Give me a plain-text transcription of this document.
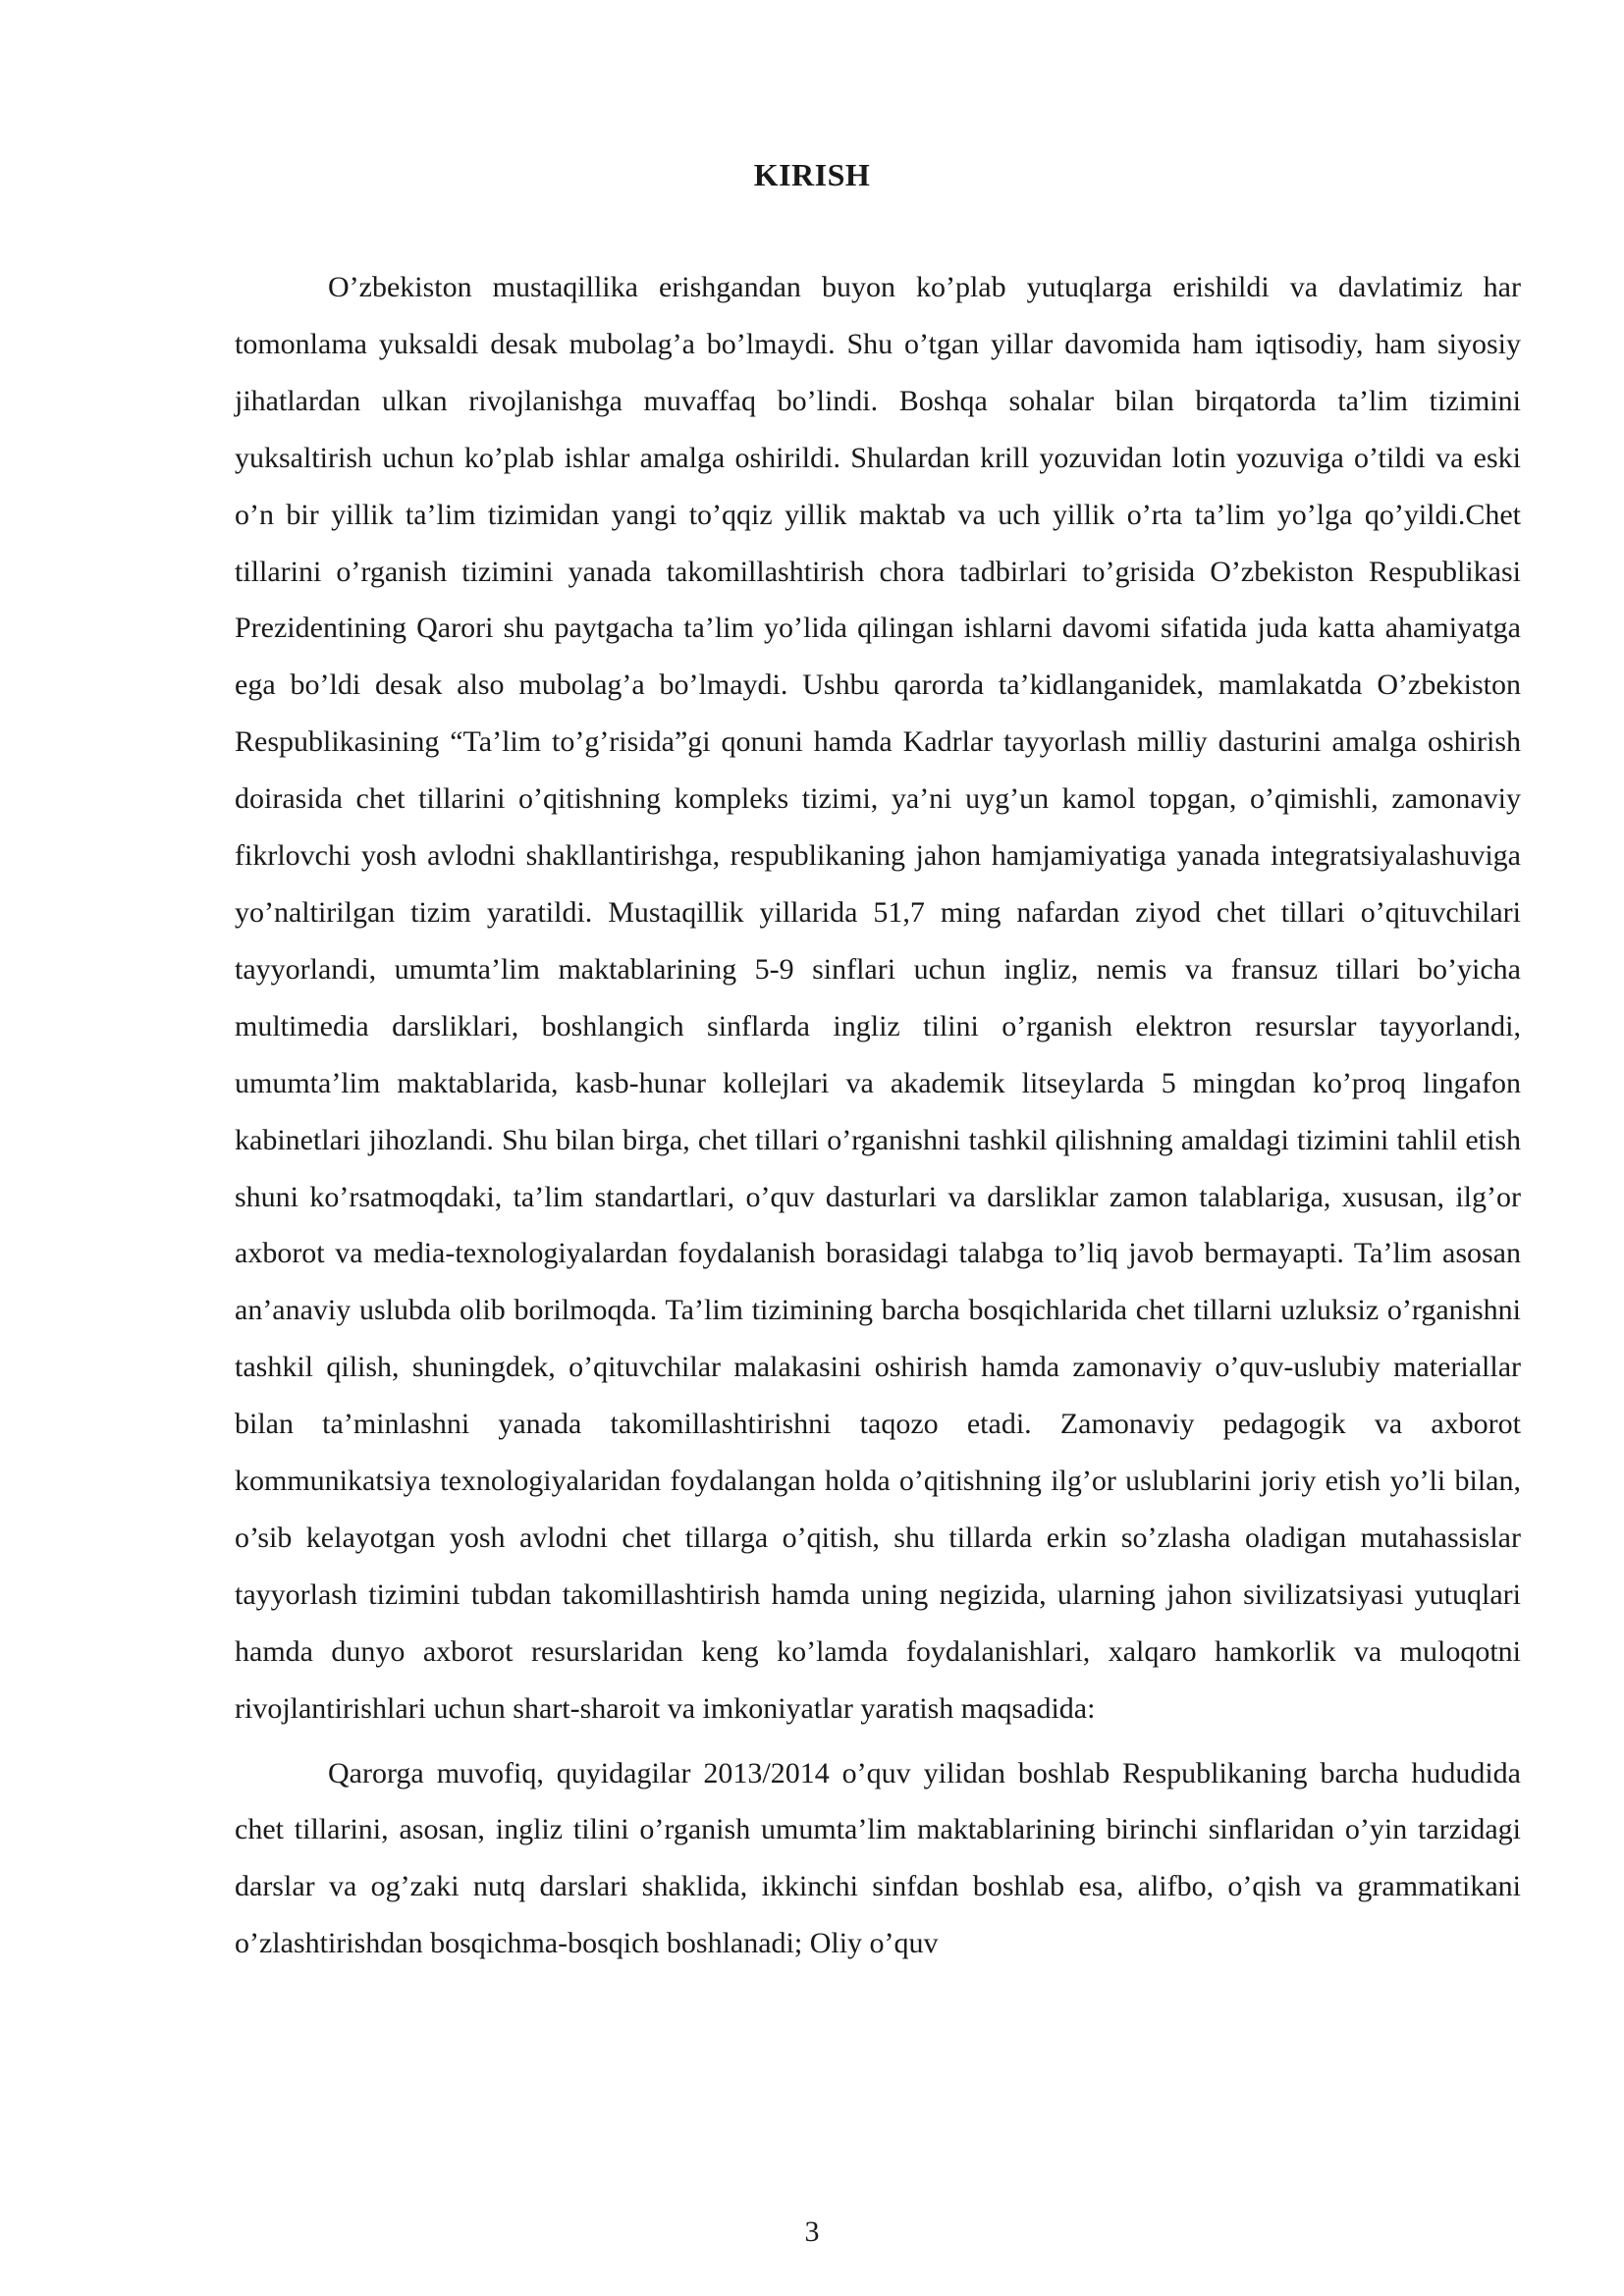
KIRISH

O’zbekiston mustaqillika erishgandan buyon ko’plab yutuqlarga erishildi va davlatimiz har tomonlama yuksaldi desak mubolag’a bo’lmaydi. Shu o’tgan yillar davomida ham iqtisodiy, ham siyosiy jihatlardan ulkan rivojlanishga muvaffaq bo’lindi. Boshqa sohalar bilan birqatorda ta’lim tizimini yuksaltirish uchun ko’plab ishlar amalga oshirildi. Shulardan krill yozuvidan lotin yozuviga o’tildi va eski o’n bir yillik ta’lim tizimidan yangi to’qqiz yillik maktab va uch yillik o’rta ta’lim yo’lga qo’yildi.Chet tillarini o’rganish tizimini yanada takomillashtirish chora tadbirlari to’grisida O’zbekiston Respublikasi Prezidentining Qarori shu paytgacha ta’lim yo’lida qilingan ishlarni davomi sifatida juda katta ahamiyatga ega bo’ldi desak also mubolag’a bo’lmaydi. Ushbu qarorda ta’kidlanganidek, mamlakatda O’zbekiston Respublikasining “Ta’lim to’g’risida”gi qonuni hamda Kadrlar tayyorlash milliy dasturini amalga oshirish doirasida chet tillarini o’qitishning kompleks tizimi, ya’ni uyg’un kamol topgan, o’qimishli, zamonaviy fikrlovchi yosh avlodni shakllantirishga, respublikaning jahon hamjamiyatiga yanada integratsiyalashuviga yo’naltirilgan tizim yaratildi. Mustaqillik yillarida 51,7 ming nafardan ziyod chet tillari o’qituvchilari tayyorlandi, umumta’lim maktablarining 5-9 sinflari uchun ingliz, nemis va fransuz tillari bo’yicha multimedia darsliklari, boshlangich sinflarda ingliz tilini o’rganish elektron resurslar tayyorlandi, umumta’lim maktablarida, kasb-hunar kollejlari va akademik litseylarda 5 mingdan ko’proq lingafon kabinetlari jihozlandi. Shu bilan birga, chet tillari o’rganishni tashkil qilishning amaldagi tizimini tahlil etish shuni ko’rsatmoqdaki, ta’lim standartlari, o’quv dasturlari va darsliklar zamon talablariga, xususan, ilg’or axborot va media-texnologiyalardan foydalanish borasidagi talabga to’liq javob bermayapti. Ta’lim asosan an’anaviy uslubda olib borilmoqda. Ta’lim tizimining barcha bosqichlarida chet tillarni uzluksiz o’rganishni tashkil qilish, shuningdek, o’qituvchilar malakasini oshirish hamda zamonaviy o’quv-uslubiy materiallar bilan ta’minlashni yanada takomillashtirishni taqozo etadi. Zamonaviy pedagogik va axborot kommunikatsiya texnologiyalaridan foydalangan holda o’qitishning ilg’or uslublarini joriy etish yo’li bilan, o’sib kelayotgan yosh avlodni chet tillarga o’qitish, shu tillarda erkin so’zlasha oladigan mutahassislar tayyorlash tizimini tubdan takomillashtirish hamda uning negizida, ularning jahon sivilizatsiyasi yutuqlari hamda dunyo axborot resurslaridan keng ko’lamda foydalanishlari, xalqaro hamkorlik va muloqotni rivojlantirishlari uchun shart-sharoit va imkoniyatlar yaratish maqsadida:

Qarorga muvofiq, quyidagilar 2013/2014 o’quv yilidan boshlab Respublikaning barcha hududida chet tillarini, asosan, ingliz tilini o’rganish umumta’lim maktablarining birinchi sinflaridan o’yin tarzidagi darslar va og’zaki nutq darslari shaklida, ikkinchi sinfdan boshlab esa, alifbo, o’qish va grammatikani o’zlashtirishdan bosqichma-bosqich boshlanadi; Oliy o’quv

3
